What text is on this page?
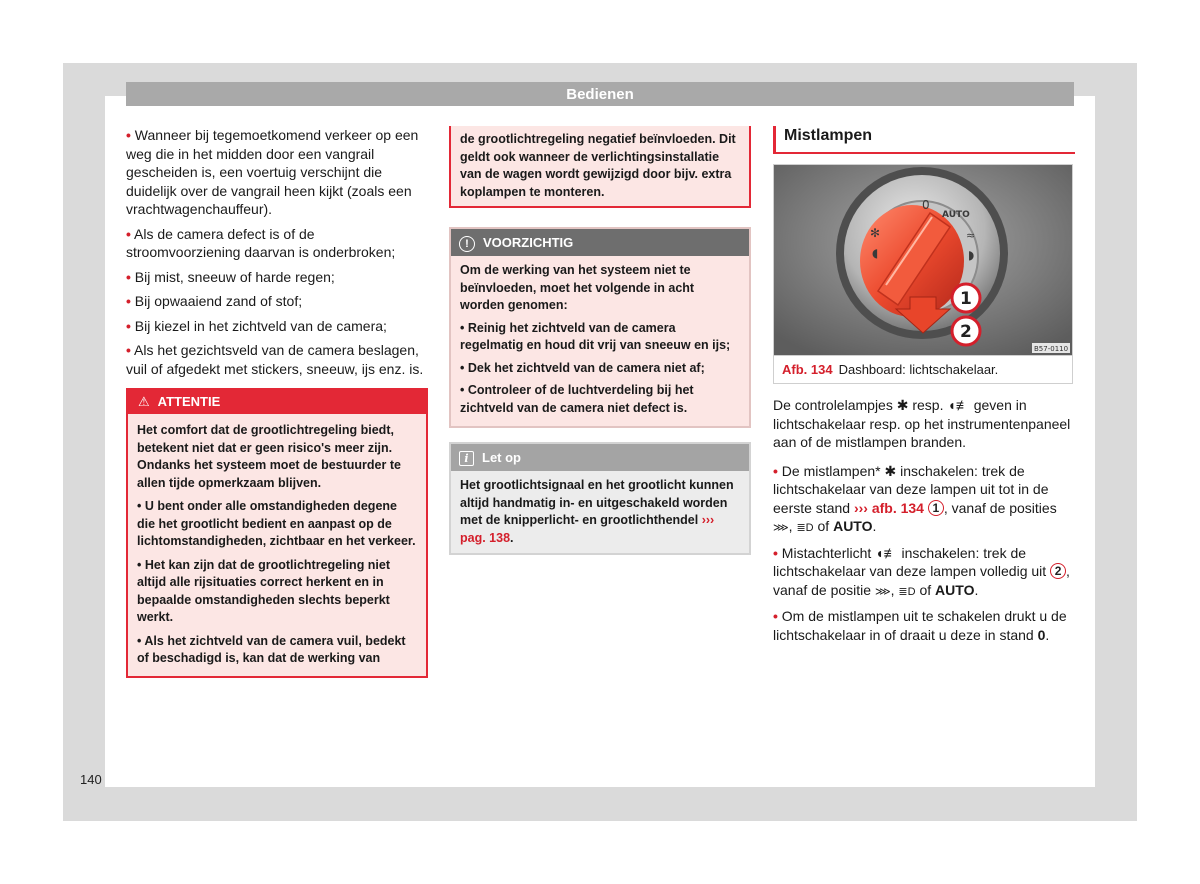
Bedienen

• Wanneer bij tegemoetkomend verkeer op een weg die in het midden door een vangrail gescheiden is, een voertuig verschijnt die duidelijk over de vangrail heen kijkt (zoals een vrachtwagenchauffeur).

• Als de camera defect is of de stroomvoorziening daarvan is onderbroken;

• Bij mist, sneeuw of harde regen;

• Bij opwaaiend zand of stof;

• Bij kiezel in het zichtveld van de camera;

• Als het gezichtsveld van de camera beslagen, vuil of afgedekt met stickers, sneeuw, ijs enz. is.

⚠ ATTENTIE

Het comfort dat de grootlichtregeling biedt, betekent niet dat er geen risico's meer zijn. Ondanks het systeem moet de bestuurder te allen tijde opmerkzaam blijven.

• U bent onder alle omstandigheden degene die het grootlicht bedient en aanpast op de lichtomstandigheden, zichtbaar en het verkeer.

• Het kan zijn dat de grootlichtregeling niet altijd alle rijsituaties correct herkent en in bepaalde omstandigheden slechts beperkt werkt.

• Als het zichtveld van de camera vuil, bedekt of beschadigd is, kan dat de werking van

de grootlichtregeling negatief beïnvloeden. Dit geldt ook wanneer de verlichtingsinstallatie van de wagen wordt gewijzigd door bijv. extra koplampen te monteren.
! VOORZICHTIG

Om de werking van het systeem niet te beïnvloeden, moet het volgende in acht worden genomen:

• Reinig het zichtveld van de camera regelmatig en houd dit vrij van sneeuw en ijs;

• Dek het zichtveld van de camera niet af;

• Controleer of de luchtverdeling bij het zichtveld van de camera niet defect is.

i Let op

Het grootlichtsignaal en het grootlicht kunnen altijd handmatig in- en uitgeschakeld worden met de knipperlicht- en grootlichthendel ››› pag. 138.

Mistlampen
0
AUTO
✻
◖
≈
◗
1
2
B57-0110
Afb. 134 Dashboard: lichtschakelaar.

De controlelampjes ⁠✱ resp. ◖≢ geven in lichtschakelaar resp. op het instrumentenpaneel aan of de mistlampen branden.

• De mistlampen* ✱ inschakelen: trek de lichtschakelaar van deze lampen uit tot in de eerste stand ››› afb. 134 1 , vanaf de posities ⋙, ≣D of AUTO.

• Mistachterlicht ◖≢ inschakelen: trek de lichtschakelaar van deze lampen volledig uit 2 , vanaf de positie ⋙, ≣D of AUTO.

• Om de mistlampen uit te schakelen drukt u de lichtschakelaar in of draait u deze in stand 0.

140
